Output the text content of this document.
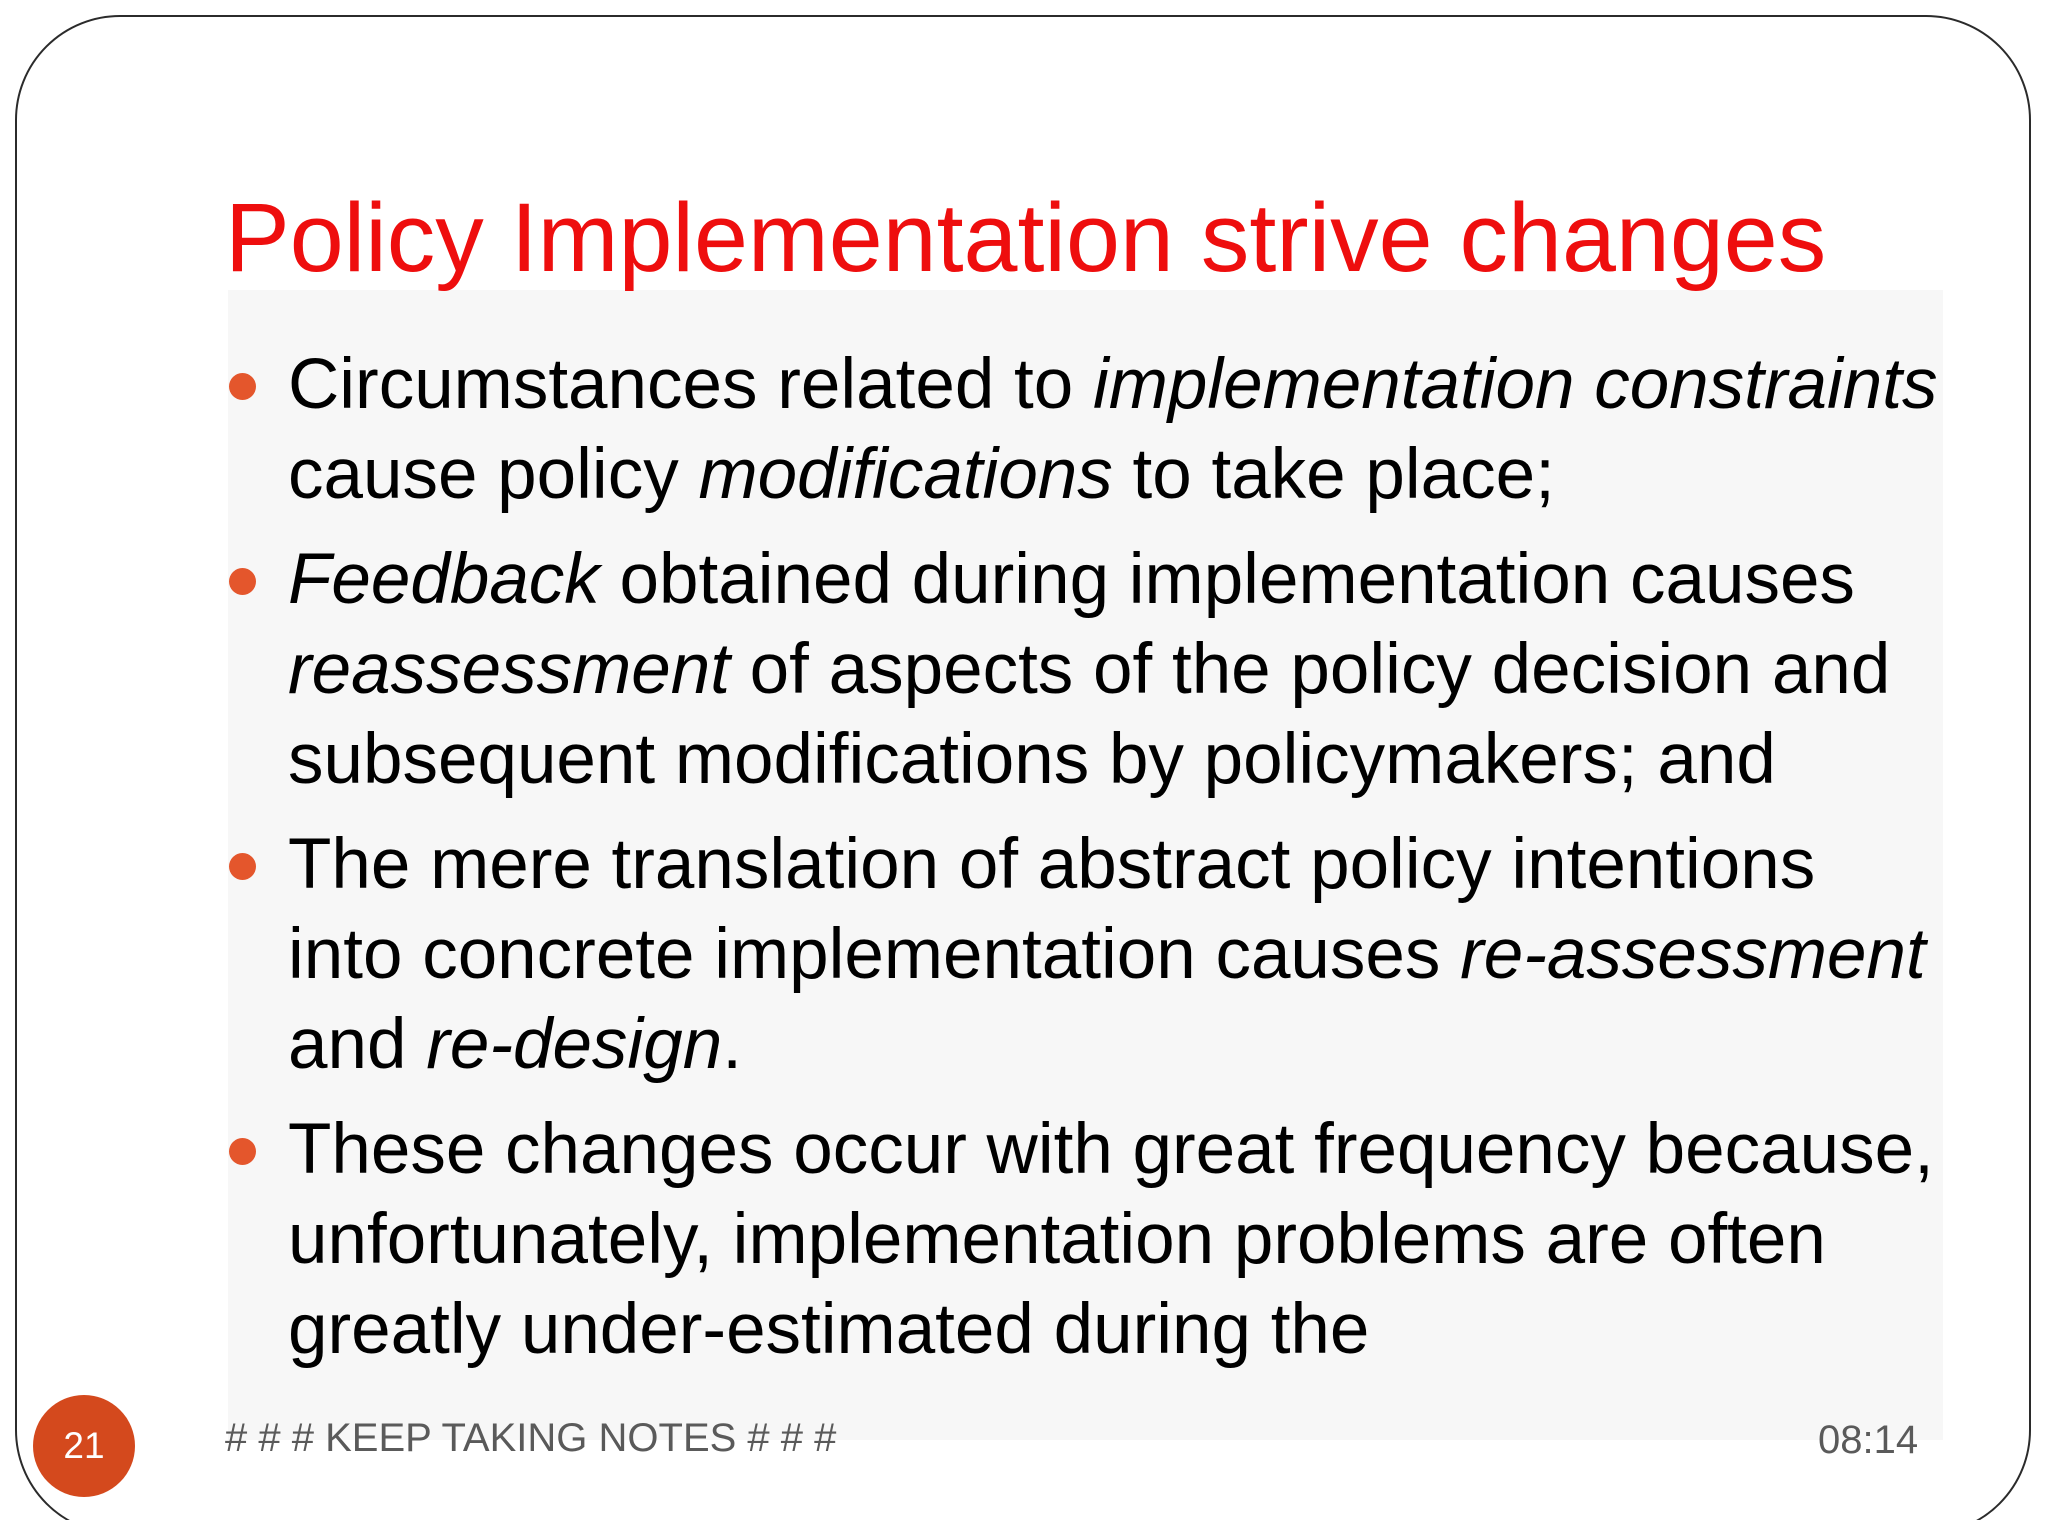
Policy Implementation strive changes
Circumstances related to implementation constraints cause policy modifications to take place;
Feedback obtained during implementation causes reassessment of aspects of the policy decision and subsequent modifications by policymakers; and
The mere translation of abstract policy intentions into concrete implementation causes re-assessment and re-design.
These changes occur with great frequency because, unfortunately, implementation problems are often greatly under-estimated during the
# # # KEEP TAKING NOTES # # #
21	08:14
